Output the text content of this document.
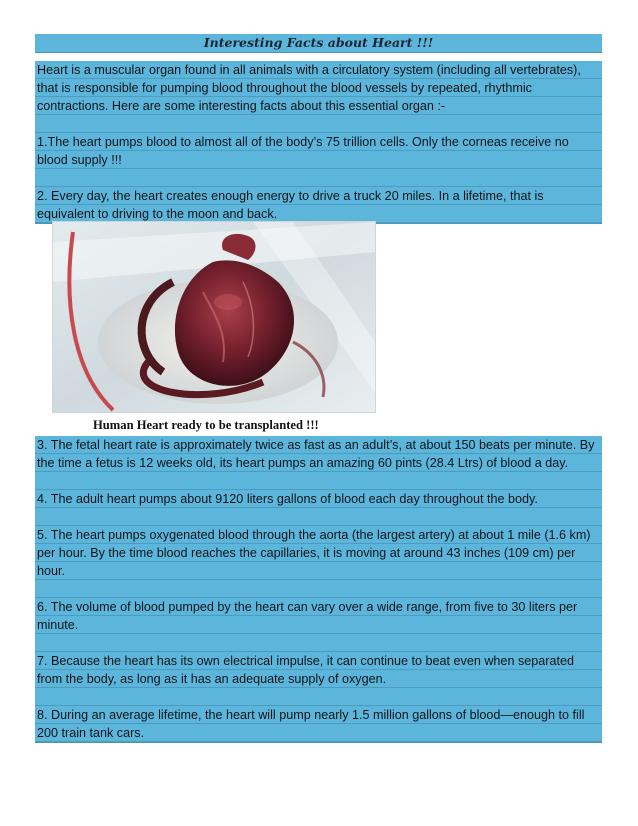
Interesting Facts about Heart !!!

Heart is a muscular organ found in all animals with a circulatory system (including all vertebrates), that is responsible for pumping blood throughout the blood vessels by repeated, rhythmic contractions. Here are some interesting facts about this essential organ :-

1.The heart pumps blood to almost all of the body’s 75 trillion cells. Only the corneas receive no blood supply !!!

2. Every day, the heart creates enough energy to drive a truck 20 miles. In a lifetime, that is equivalent to driving to the moon and back.

Human Heart ready to be transplanted !!!

3. The fetal heart rate is approximately twice as fast as an adult’s, at about 150 beats per minute. By the time a fetus is 12 weeks old, its heart pumps an amazing 60 pints (28.4 Ltrs) of blood a day.

4. The adult heart pumps about 9120 liters gallons of blood each day throughout the body.

5. The heart pumps oxygenated blood through the aorta (the largest artery) at about 1 mile (1.6 km) per hour. By the time blood reaches the capillaries, it is moving at around 43 inches (109 cm) per hour.

6. The volume of blood pumped by the heart can vary over a wide range, from five to 30 liters per minute.

7. Because the heart has its own electrical impulse, it can continue to beat even when separated from the body, as long as it has an adequate supply of oxygen.

8. During an average lifetime, the heart will pump nearly 1.5 million gallons of blood—enough to fill 200 train tank cars.
